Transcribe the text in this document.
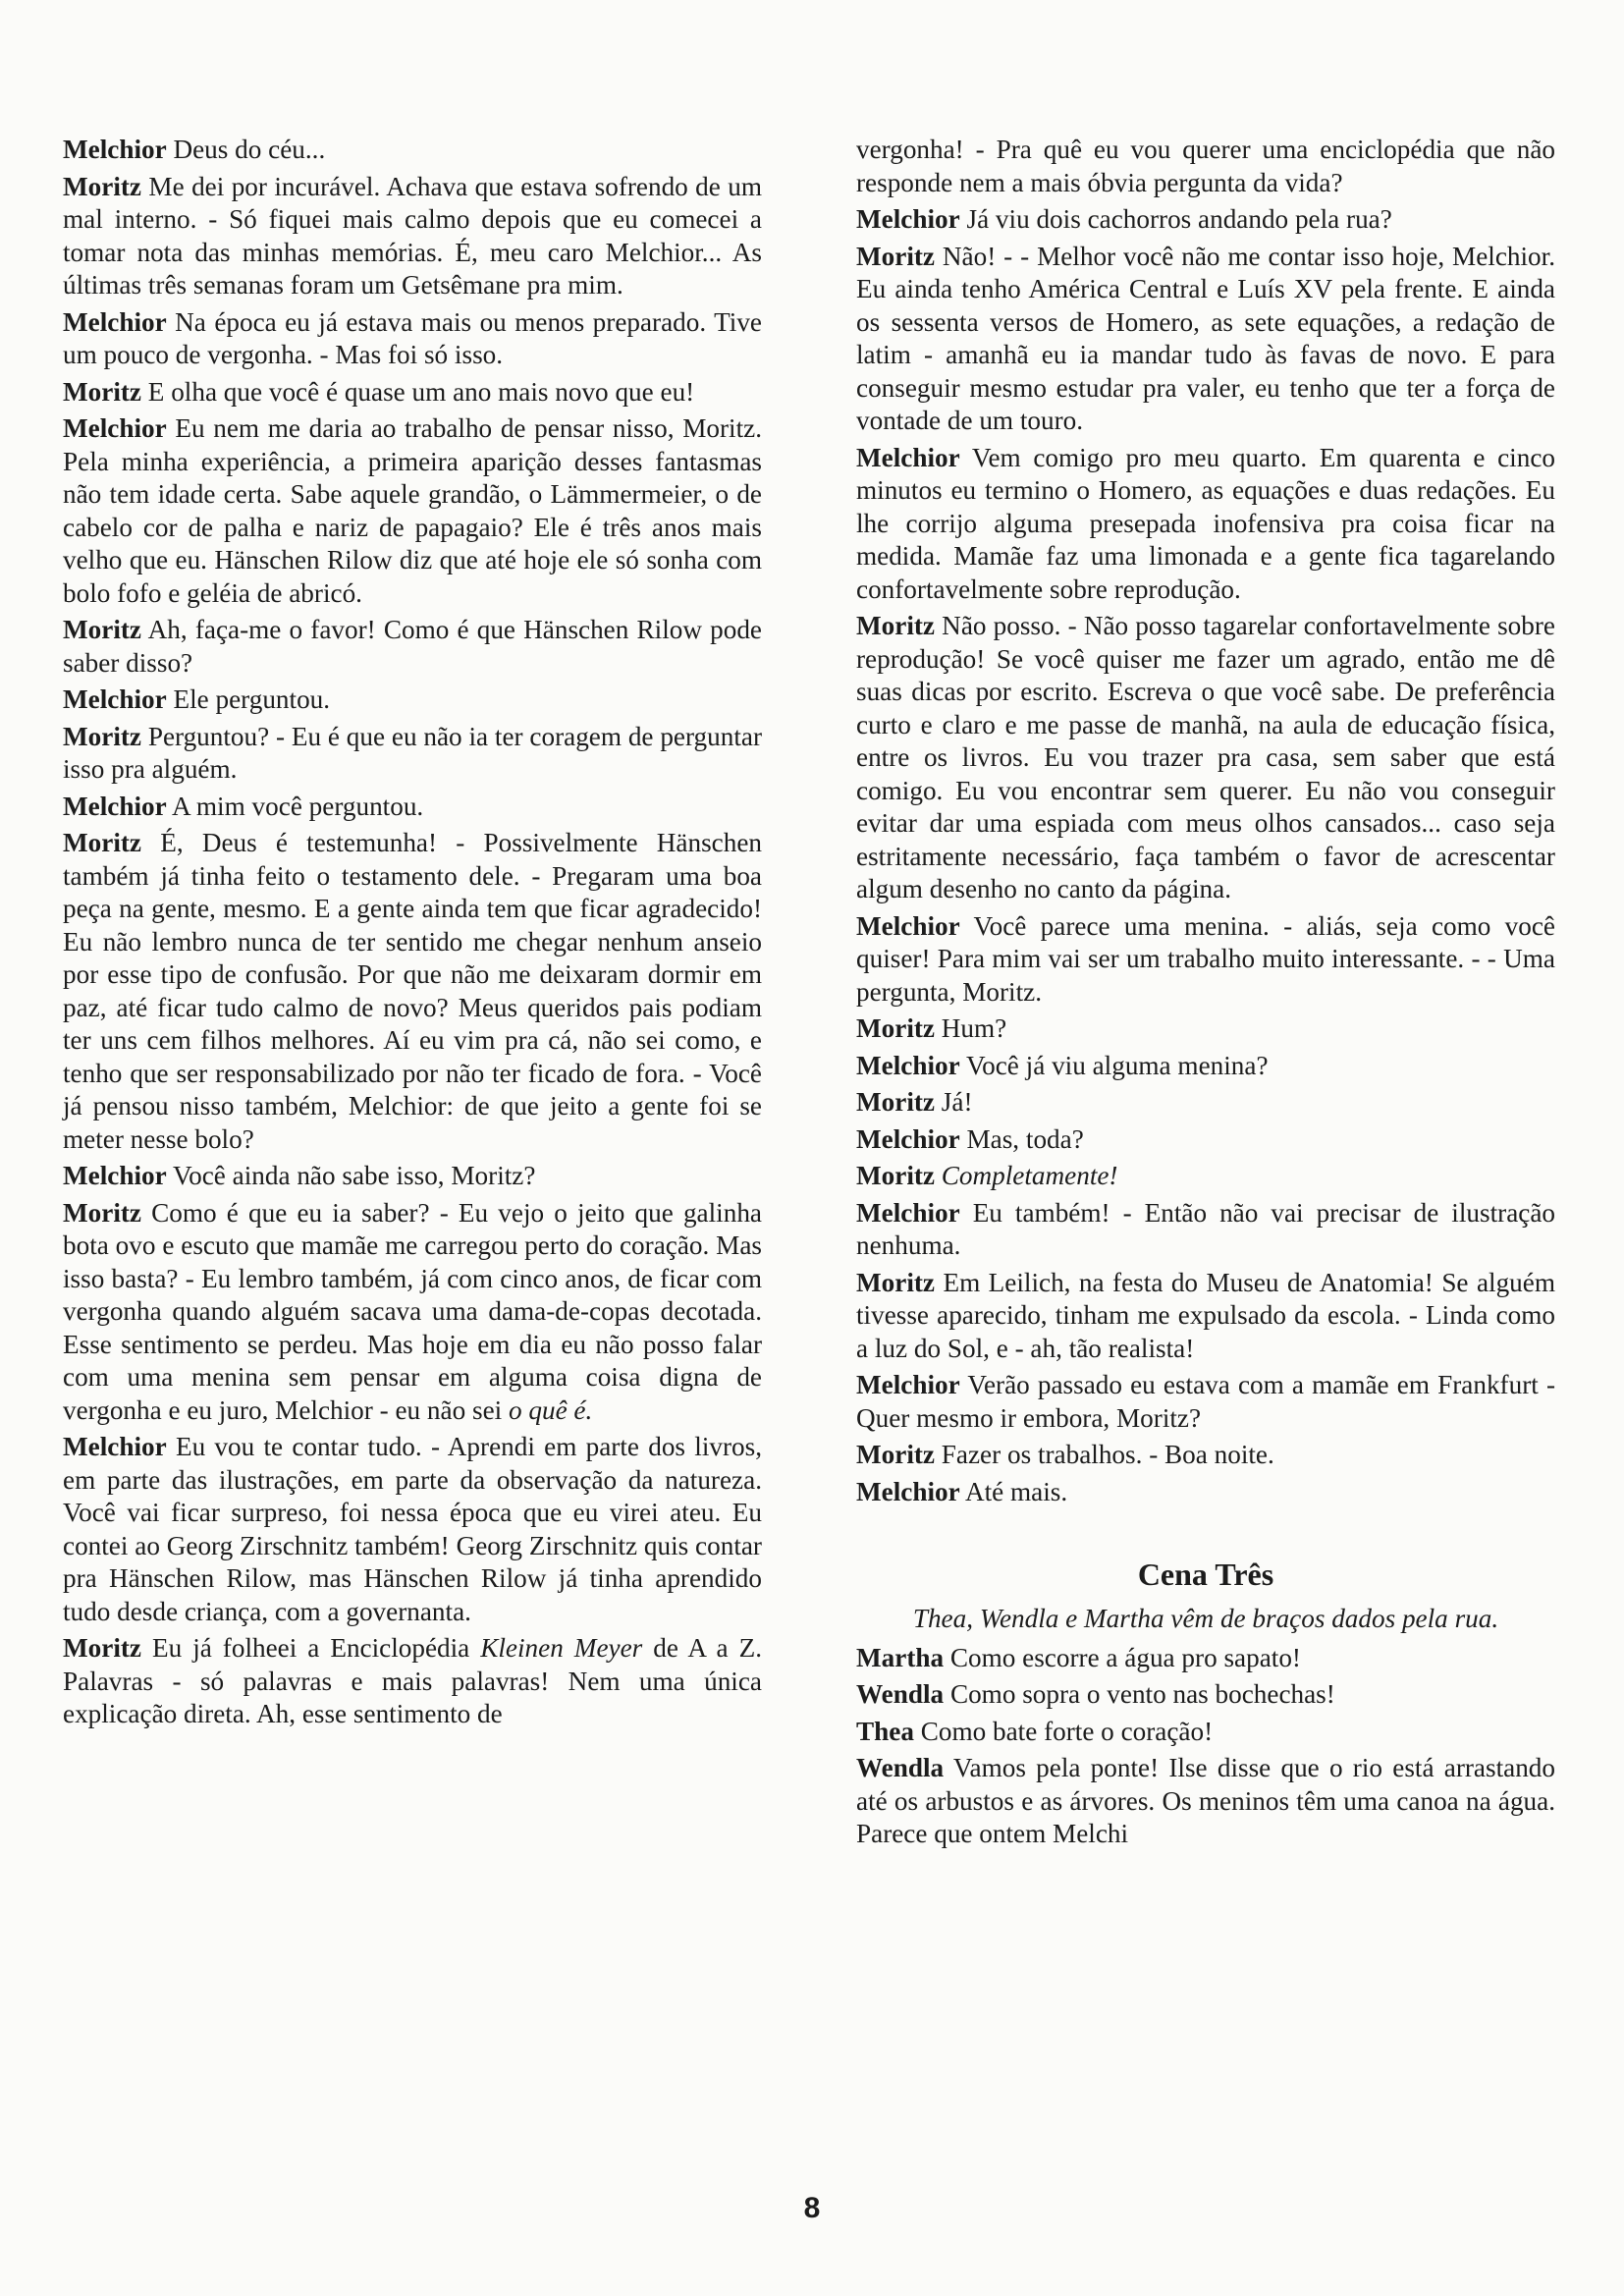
Melchior Deus do céu...

Moritz Me dei por incurável. Achava que estava sofrendo de um mal interno. - Só fiquei mais calmo depois que eu comecei a tomar nota das minhas memórias. É, meu caro Melchior... As últimas três semanas foram um Getsêmane pra mim.

Melchior Na época eu já estava mais ou menos preparado. Tive um pouco de vergonha. - Mas foi só isso.

Moritz E olha que você é quase um ano mais novo que eu!

Melchior Eu nem me daria ao trabalho de pensar nisso, Moritz. Pela minha experiência, a primeira aparição desses fantasmas não tem idade certa. Sabe aquele grandão, o Lämmermeier, o de cabelo cor de palha e nariz de papagaio? Ele é três anos mais velho que eu. Hänschen Rilow diz que até hoje ele só sonha com bolo fofo e geléia de abricó.

Moritz Ah, faça-me o favor! Como é que Hänschen Rilow pode saber disso?

Melchior Ele perguntou.

Moritz Perguntou? - Eu é que eu não ia ter coragem de perguntar isso pra alguém.

Melchior A mim você perguntou.

Moritz É, Deus é testemunha! - Possivelmente Hänschen também já tinha feito o testamento dele. - Pregaram uma boa peça na gente, mesmo. E a gente ainda tem que ficar agradecido! Eu não lembro nunca de ter sentido me chegar nenhum anseio por esse tipo de confusão. Por que não me deixaram dormir em paz, até ficar tudo calmo de novo? Meus queridos pais podiam ter uns cem filhos melhores. Aí eu vim pra cá, não sei como, e tenho que ser responsabilizado por não ter ficado de fora. - Você já pensou nisso também, Melchior: de que jeito a gente foi se meter nesse bolo?

Melchior Você ainda não sabe isso, Moritz?

Moritz Como é que eu ia saber? - Eu vejo o jeito que galinha bota ovo e escuto que mamãe me carregou perto do coração. Mas isso basta? - Eu lembro também, já com cinco anos, de ficar com vergonha quando alguém sacava uma dama-de-copas decotada. Esse sentimento se perdeu. Mas hoje em dia eu não posso falar com uma menina sem pensar em alguma coisa digna de vergonha e eu juro, Melchior - eu não sei o quê é.

Melchior Eu vou te contar tudo. - Aprendi em parte dos livros, em parte das ilustrações, em parte da observação da natureza. Você vai ficar surpreso, foi nessa época que eu virei ateu. Eu contei ao Georg Zirschnitz também! Georg Zirschnitz quis contar pra Hänschen Rilow, mas Hänschen Rilow já tinha aprendido tudo desde criança, com a governanta.

Moritz Eu já folheei a Enciclopédia Kleinen Meyer de A a Z. Palavras - só palavras e mais palavras! Nem uma única explicação direta. Ah, esse sentimento de

vergonha! - Pra quê eu vou querer uma enciclopédia que não responde nem a mais óbvia pergunta da vida?

Melchior Já viu dois cachorros andando pela rua?

Moritz Não! - - Melhor você não me contar isso hoje, Melchior. Eu ainda tenho América Central e Luís XV pela frente. E ainda os sessenta versos de Homero, as sete equações, a redação de latim - amanhã eu ia mandar tudo às favas de novo. E para conseguir mesmo estudar pra valer, eu tenho que ter a força de vontade de um touro.

Melchior Vem comigo pro meu quarto. Em quarenta e cinco minutos eu termino o Homero, as equações e duas redações. Eu lhe corrijo alguma presepada inofensiva pra coisa ficar na medida. Mamãe faz uma limonada e a gente fica tagarelando confortavelmente sobre reprodução.

Moritz Não posso. - Não posso tagarelar confortavelmente sobre reprodução! Se você quiser me fazer um agrado, então me dê suas dicas por escrito. Escreva o que você sabe. De preferência curto e claro e me passe de manhã, na aula de educação física, entre os livros. Eu vou trazer pra casa, sem saber que está comigo. Eu vou encontrar sem querer. Eu não vou conseguir evitar dar uma espiada com meus olhos cansados... caso seja estritamente necessário, faça também o favor de acrescentar algum desenho no canto da página.

Melchior Você parece uma menina. - aliás, seja como você quiser! Para mim vai ser um trabalho muito interessante. - - Uma pergunta, Moritz.

Moritz Hum?

Melchior Você já viu alguma menina?

Moritz Já!

Melchior Mas, toda?

Moritz Completamente!

Melchior Eu também! - Então não vai precisar de ilustração nenhuma.

Moritz Em Leilich, na festa do Museu de Anatomia! Se alguém tivesse aparecido, tinham me expulsado da escola. - Linda como a luz do Sol, e - ah, tão realista!

Melchior Verão passado eu estava com a mamãe em Frankfurt - Quer mesmo ir embora, Moritz?

Moritz Fazer os trabalhos. - Boa noite.

Melchior Até mais.

Cena Três

Thea, Wendla e Martha vêm de braços dados pela rua.

Martha Como escorre a água pro sapato!

Wendla Como sopra o vento nas bochechas!

Thea Como bate forte o coração!

Wendla Vamos pela ponte! Ilse disse que o rio está arrastando até os arbustos e as árvores. Os meninos têm uma canoa na água. Parece que ontem Melchi

8
